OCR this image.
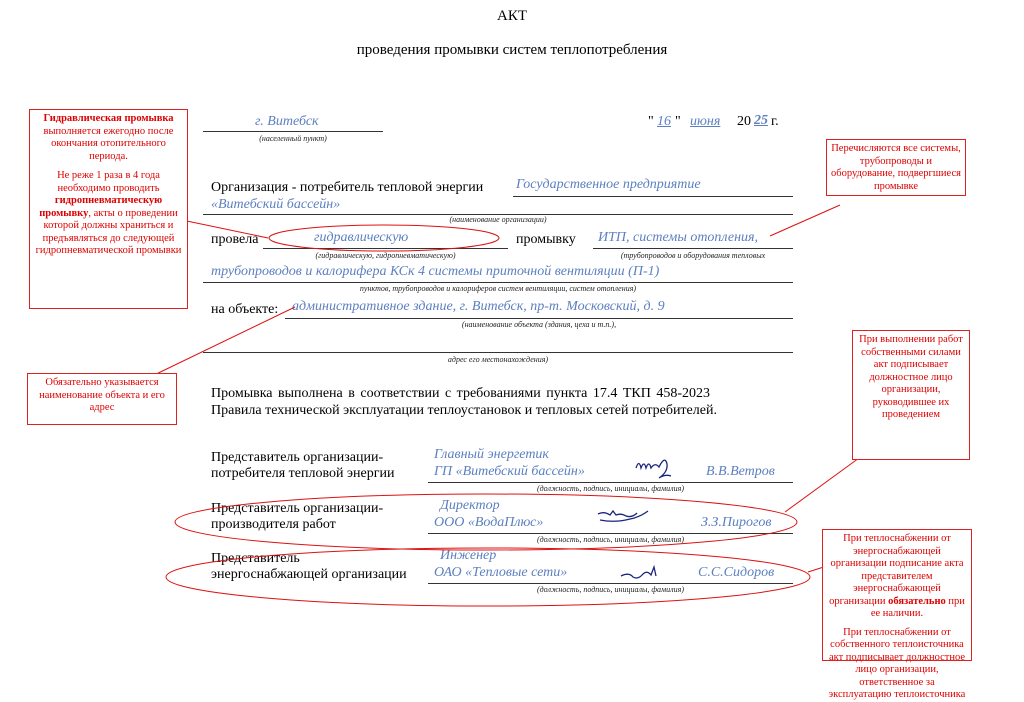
АКТ
проведения промывки систем теплопотребления
г. Витебск
(населенный пункт)
" 16 " июня 20 25 г.
Организация - потребитель тепловой энергии Государственное предприятие
«Витебский бассейн»
(наименование организации)
провела	гидравлическую
(гидравлическую, гидропневматическую)
промывку ИТП, системы отопления,
(трубопроводов и оборудования тепловых
трубопроводов и калорифера КСк 4 системы приточной вентиляции (П-1)
пунктов, трубопроводов и калориферов систем вентиляции, систем отопления)
на объекте: административное здание, г. Витебск, пр-т. Московский, д. 9
(наименование объекта (здания, цеха и т.п.),
адрес его местонахождения)
Промывка выполнена в соответствии с требованиями пункта 17.4 ТКП 458-2023
Правила технической эксплуатации теплоустановок и тепловых сетей потребителей.
Представитель организации-
потребителя тепловой энергии
Главный энергетик
ГП «Витебский бассейн»	В.В.Ветров
(должность, подпись, инициалы, фамилия)
Представитель организации-
производителя работ
Директор
ООО «ВодаПлюс»	З.З.Пирогов
(должность, подпись, инициалы, фамилия)
Представитель
энергоснабжающей организации
Инженер
ОАО «Тепловые сети»	С.С.Сидоров
(должность, подпись, инициалы, фамилия)

Гидравлическая промывка выполняется ежегодно после окончания отопительного периода.

Не реже 1 раза в 4 года необходимо проводить гидропневматическую промывку, акты о проведении которой должны храниться и предъявляться до следующей гидропневматической промывки

Перечисляются все системы, трубопроводы и оборудование, подвергшиеся промывке
Обязательно указывается наименование объекта и его адрес
При выполнении работ собственными силами акт подписывает должностное лицо организации, руководившее их проведением

При теплоснабжении от энергоснабжающей организации подписание акта представителем энергоснабжающей организации обязательно при ее наличии.

При теплоснабжении от собственного теплоисточника акт подписывает должностное лицо организации, ответственное за эксплуатацию теплоисточника
